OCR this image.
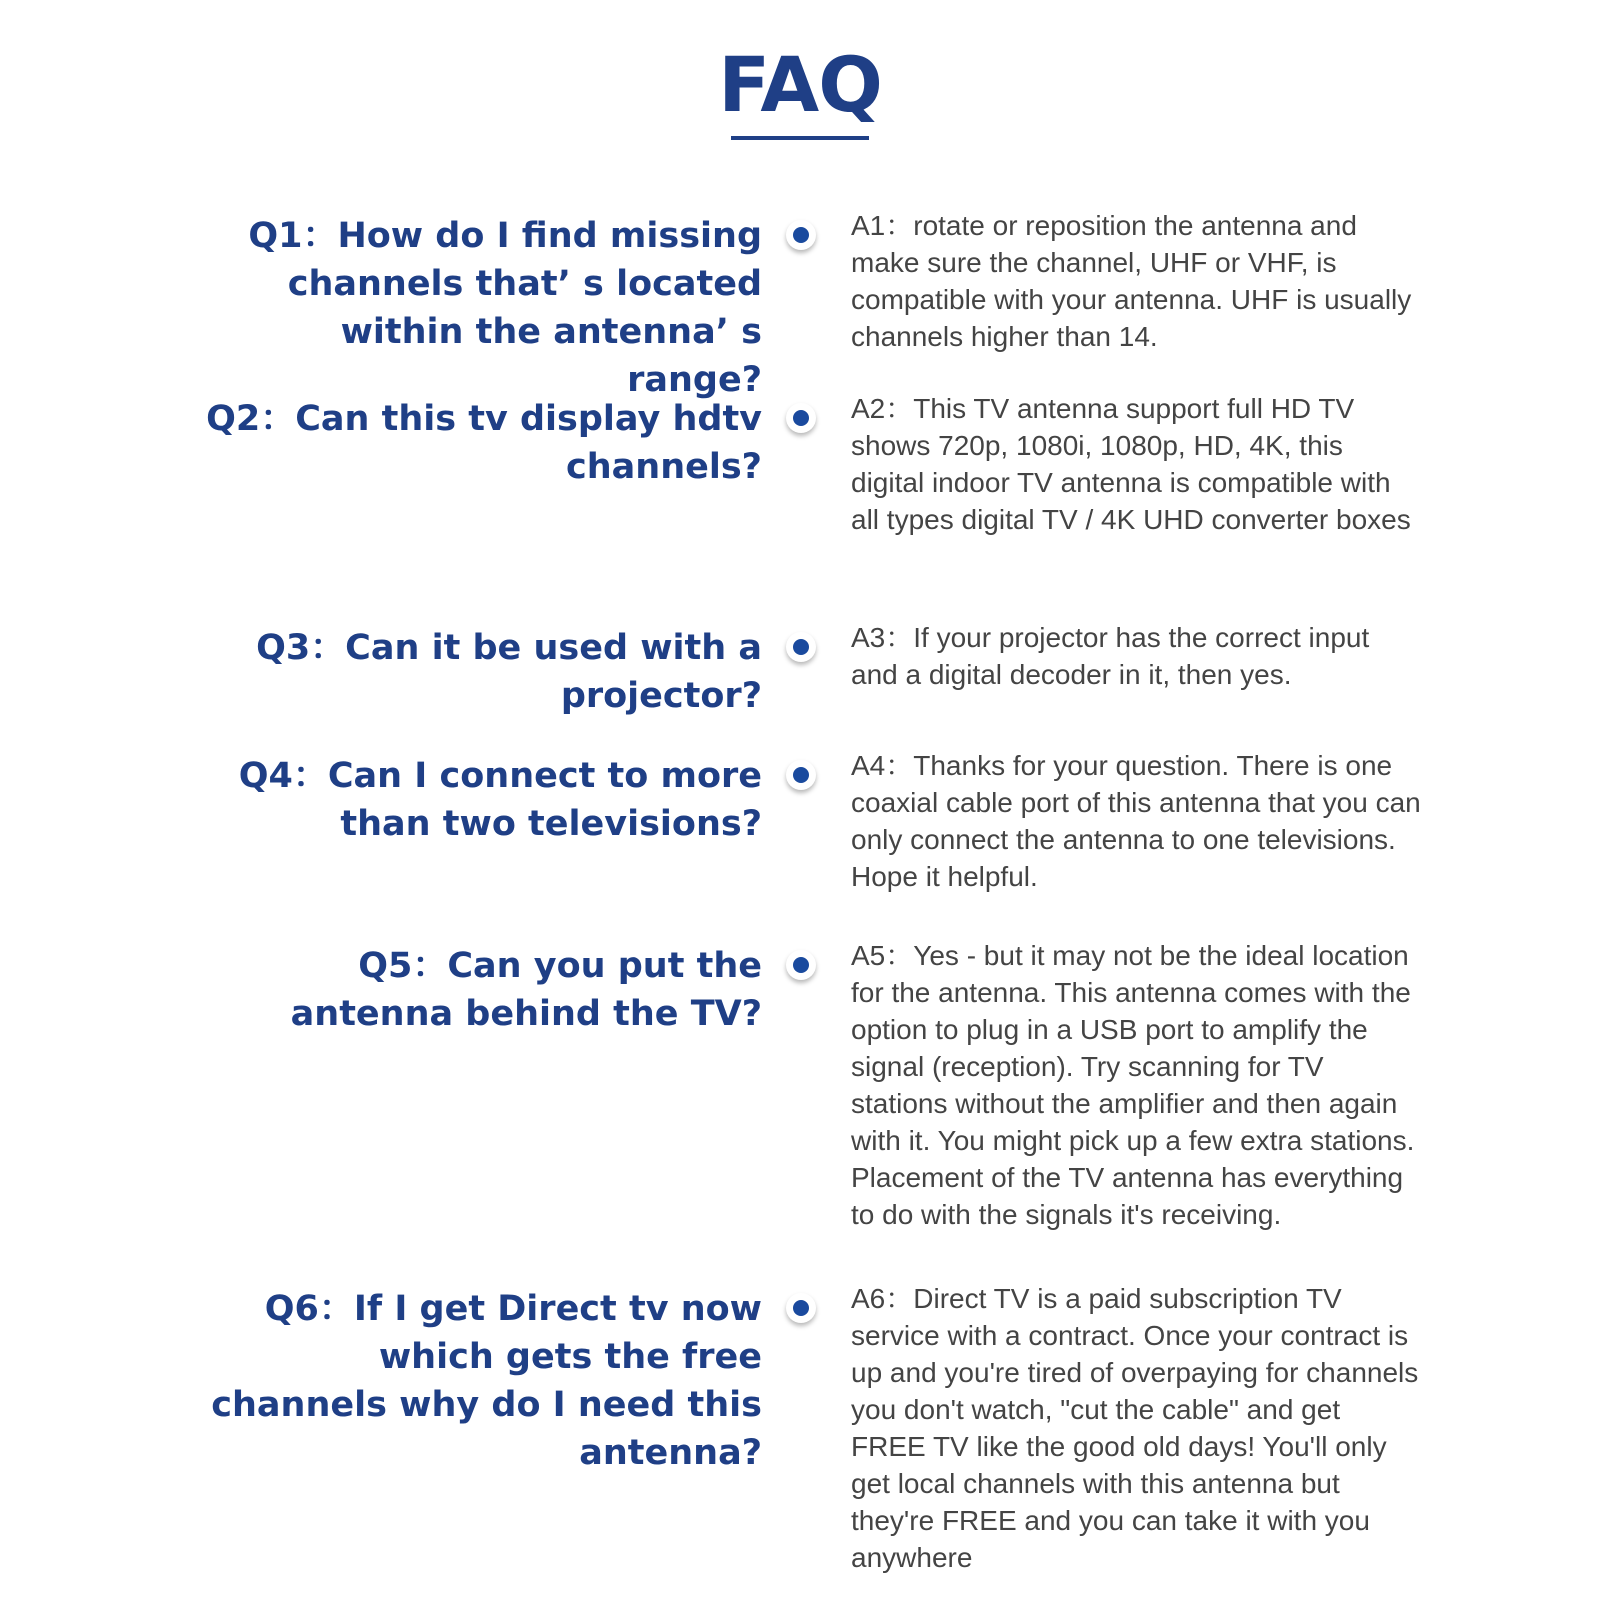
FAQ

Q1：How do I find missing channels that’ s located within the antenna’ s range?

A1：rotate or reposition the antenna and make sure the channel, UHF or VHF, is compatible with your antenna. UHF is usually channels higher than 14.

Q2：Can this tv display hdtv channels?

A2：This TV antenna support full HD TV shows 720p, 1080i, 1080p, HD, 4K, this digital indoor TV antenna is compatible with all types digital TV / 4K UHD converter boxes

Q3：Can it be used with a projector?

A3：If your projector has the correct input and a digital decoder in it, then yes.

Q4：Can I connect to more than two televisions?

A4：Thanks for your question. There is one coaxial cable port of this antenna that you can only connect the antenna to one televisions. Hope it helpful.

Q5：Can you put the antenna behind the TV?

A5：Yes - but it may not be the ideal location for the antenna. This antenna comes with the option to plug in a USB port to amplify the signal (reception). Try scanning for TV stations without the amplifier and then again with it. You might pick up a few extra stations. Placement of the TV antenna has everything to do with the signals it's receiving.

Q6：If I get Direct tv now which gets the free channels why do I need this antenna?

A6：Direct TV is a paid subscription TV service with a contract. Once your contract is up and you're tired of overpaying for channels you don't watch, "cut the cable" and get FREE TV like the good old days! You'll only get local channels with this antenna but they're FREE and you can take it with you anywhere
